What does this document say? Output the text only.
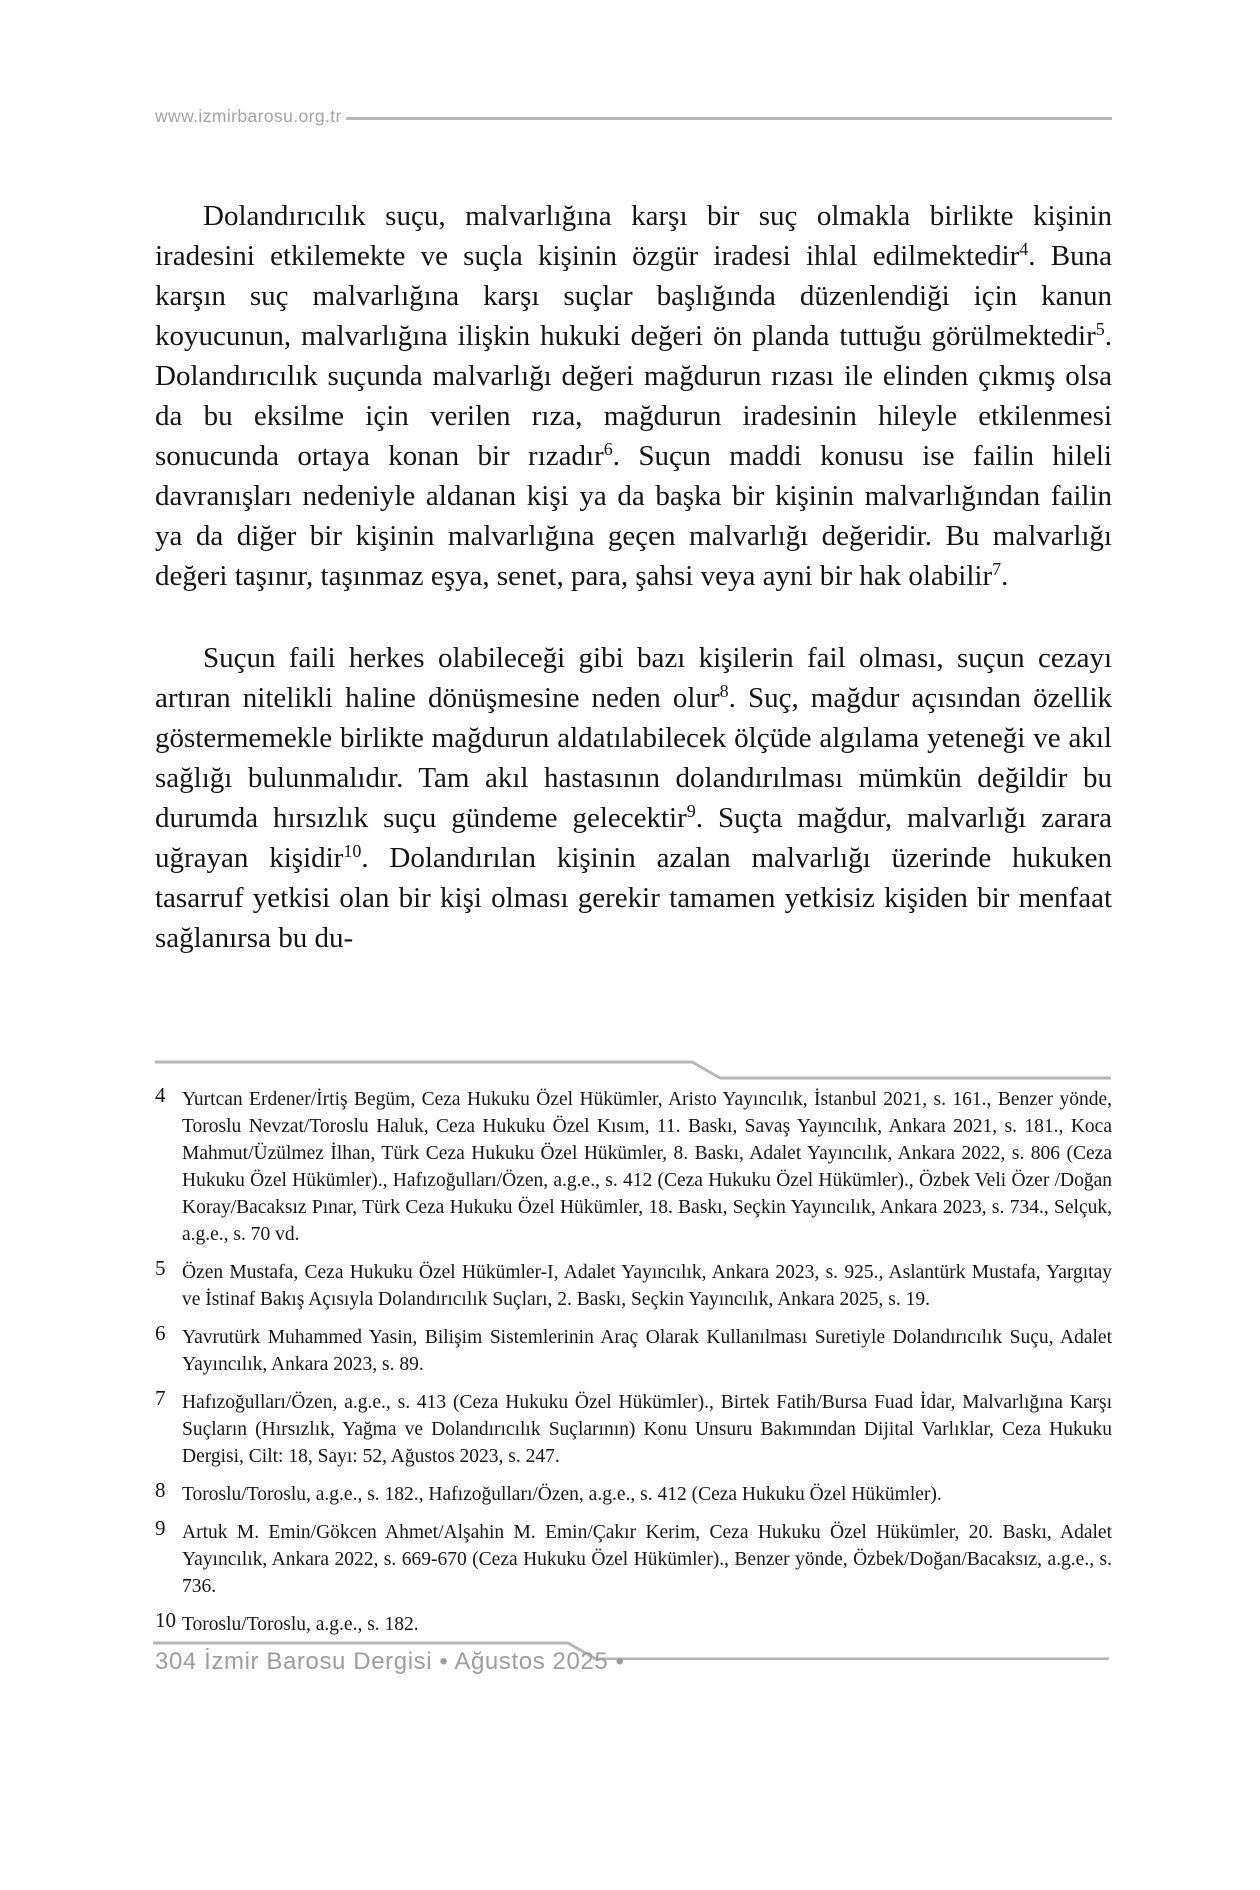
www.izmirbarosu.org.tr

Dolandırıcılık suçu, malvarlığına karşı bir suç olmakla birlikte kişinin iradesini etkilemekte ve suçla kişinin özgür iradesi ihlal edilmektedir$^4$. Buna karşın suç malvarlığına karşı suçlar başlığında düzenlendiği için kanun koyucunun, malvarlığına ilişkin hukuki değeri ön planda tuttuğu görülmektedir$^5$. Dolandırıcılık suçunda malvarlığı değeri mağdurun rızası ile elinden çıkmış olsa da bu eksilme için verilen rıza, mağdurun iradesinin hileyle etkilenmesi sonucunda ortaya konan bir rızadır$^6$. Suçun maddi konusu ise failin hileli davranışları nedeniyle aldanan kişi ya da başka bir kişinin malvarlığından failin ya da diğer bir kişinin malvarlığına geçen malvarlığı değeridir. Bu malvarlığı değeri taşınır, taşınmaz eşya, senet, para, şahsi veya ayni bir hak olabilir$^7$.

Suçun faili herkes olabileceği gibi bazı kişilerin fail olması, suçun cezayı artıran nitelikli haline dönüşmesine neden olur$^8$. Suç, mağdur açısından özellik göstermemekle birlikte mağdurun aldatılabilecek ölçüde algılama yeteneği ve akıl sağlığı bulunmalıdır. Tam akıl hastasının dolandırılması mümkün değildir bu durumda hırsızlık suçu gündeme gelecektir$^9$. Suçta mağdur, malvarlığı zarara uğrayan kişidir$^{10}$. Dolandırılan kişinin azalan malvarlığı üzerinde hukuken tasarruf yetkisi olan bir kişi olması gerekir tamamen yetkisiz kişiden bir menfaat sağlanırsa bu du-

4 Yurtcan Erdener/İrtiş Begüm, Ceza Hukuku Özel Hükümler, Aristo Yayıncılık, İstanbul 2021, s. 161., Benzer yönde, Toroslu Nevzat/Toroslu Haluk, Ceza Hukuku Özel Kısım, 11. Baskı, Savaş Yayıncılık, Ankara 2021, s. 181., Koca Mahmut/Üzülmez İlhan, Türk Ceza Hukuku Özel Hükümler, 8. Baskı, Adalet Yayıncılık, Ankara 2022, s. 806 (Ceza Hukuku Özel Hükümler)., Hafızoğulları/Özen, a.g.e., s. 412 (Ceza Hukuku Özel Hükümler)., Özbek Veli Özer /Doğan Koray/Bacaksız Pınar, Türk Ceza Hukuku Özel Hükümler, 18. Baskı, Seçkin Yayıncılık, Ankara 2023, s. 734., Selçuk, a.g.e., s. 70 vd.
5 Özen Mustafa, Ceza Hukuku Özel Hükümler-I, Adalet Yayıncılık, Ankara 2023, s. 925., Aslantürk Mustafa, Yargıtay ve İstinaf Bakış Açısıyla Dolandırıcılık Suçları, 2. Baskı, Seçkin Yayıncılık, Ankara 2025, s. 19.
6 Yavrutürk Muhammed Yasin, Bilişim Sistemlerinin Araç Olarak Kullanılması Suretiyle Dolandırıcılık Suçu, Adalet Yayıncılık, Ankara 2023, s. 89.
7 Hafızoğulları/Özen, a.g.e., s. 413 (Ceza Hukuku Özel Hükümler)., Birtek Fatih/Bursa Fuad İdar, Malvarlığına Karşı Suçların (Hırsızlık, Yağma ve Dolandırıcılık Suçlarının) Konu Unsuru Bakımından Dijital Varlıklar, Ceza Hukuku Dergisi, Cilt: 18, Sayı: 52, Ağustos 2023, s. 247.
8 Toroslu/Toroslu, a.g.e., s. 182., Hafızoğulları/Özen, a.g.e., s. 412 (Ceza Hukuku Özel Hükümler).
9 Artuk M. Emin/Gökcen Ahmet/Alşahin M. Emin/Çakır Kerim, Ceza Hukuku Özel Hükümler, 20. Baskı, Adalet Yayıncılık, Ankara 2022, s. 669-670 (Ceza Hukuku Özel Hükümler)., Benzer yönde, Özbek/Doğan/Bacaksız, a.g.e., s. 736.
10 Toroslu/Toroslu, a.g.e., s. 182.
304 İzmir Barosu Dergisi • Ağustos 2025 •
